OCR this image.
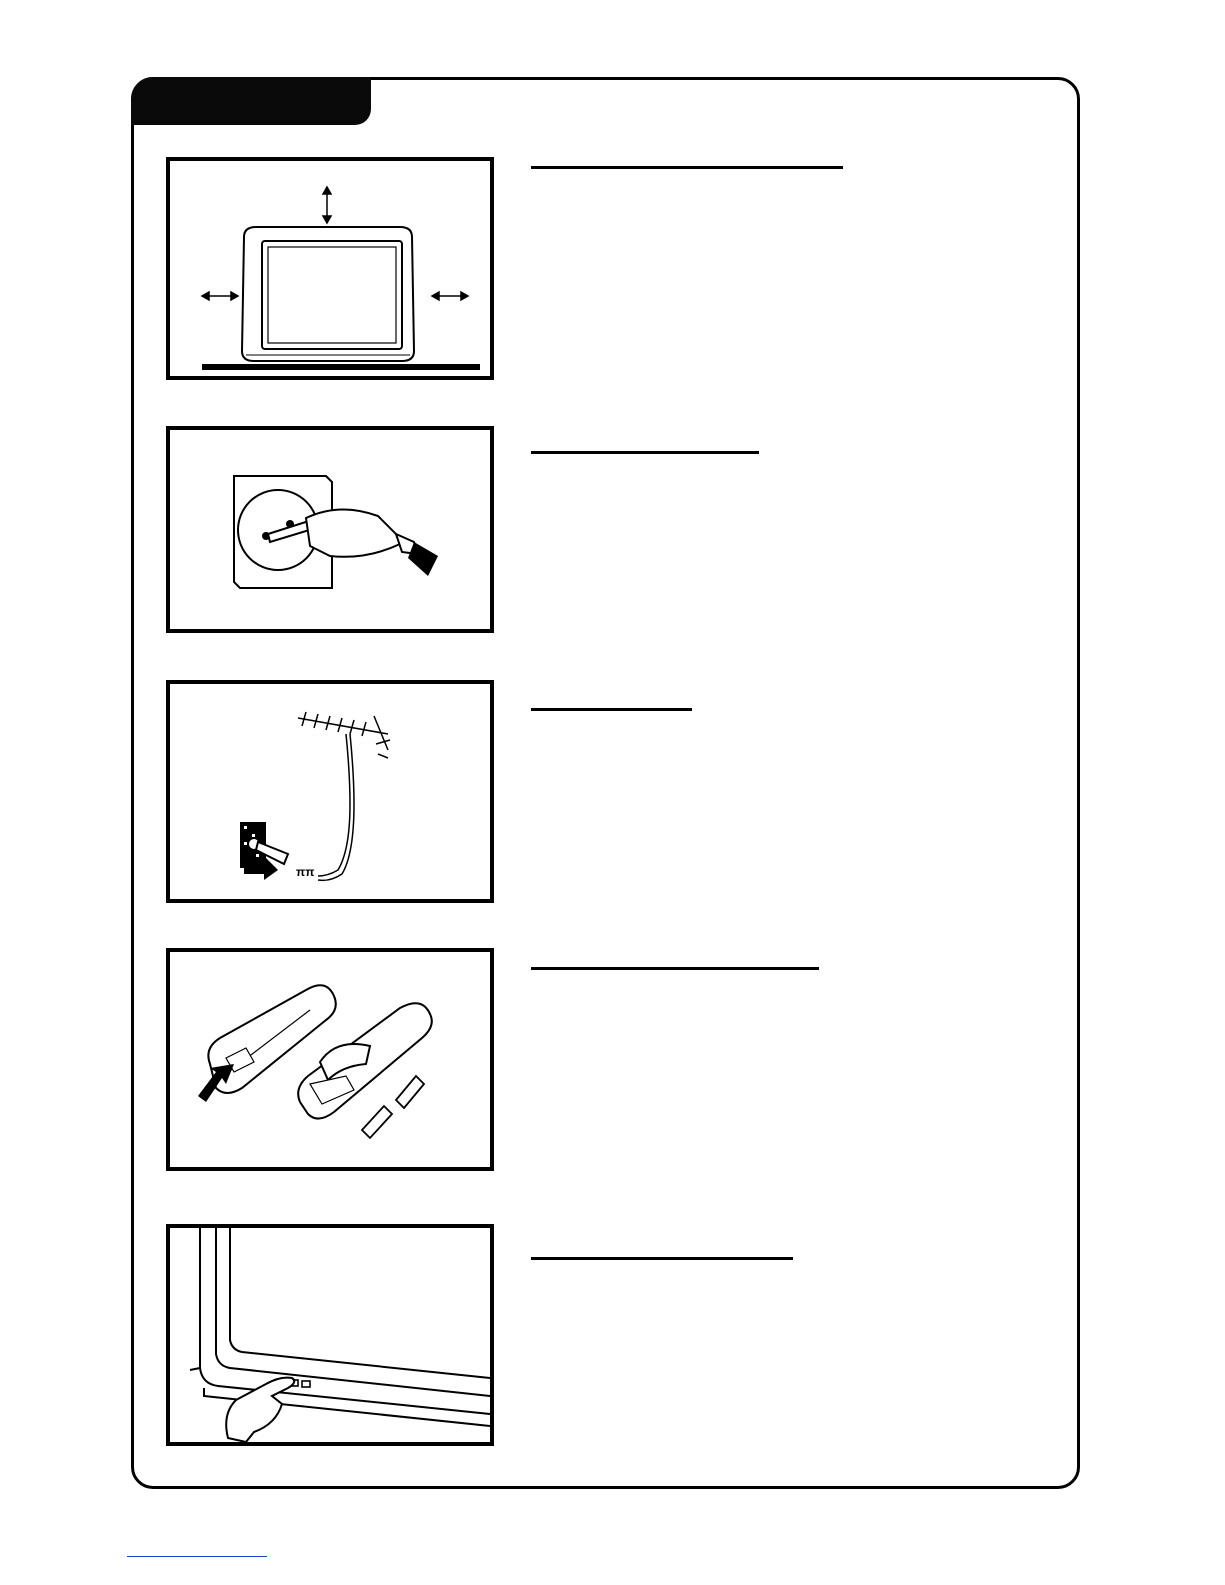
ππ
